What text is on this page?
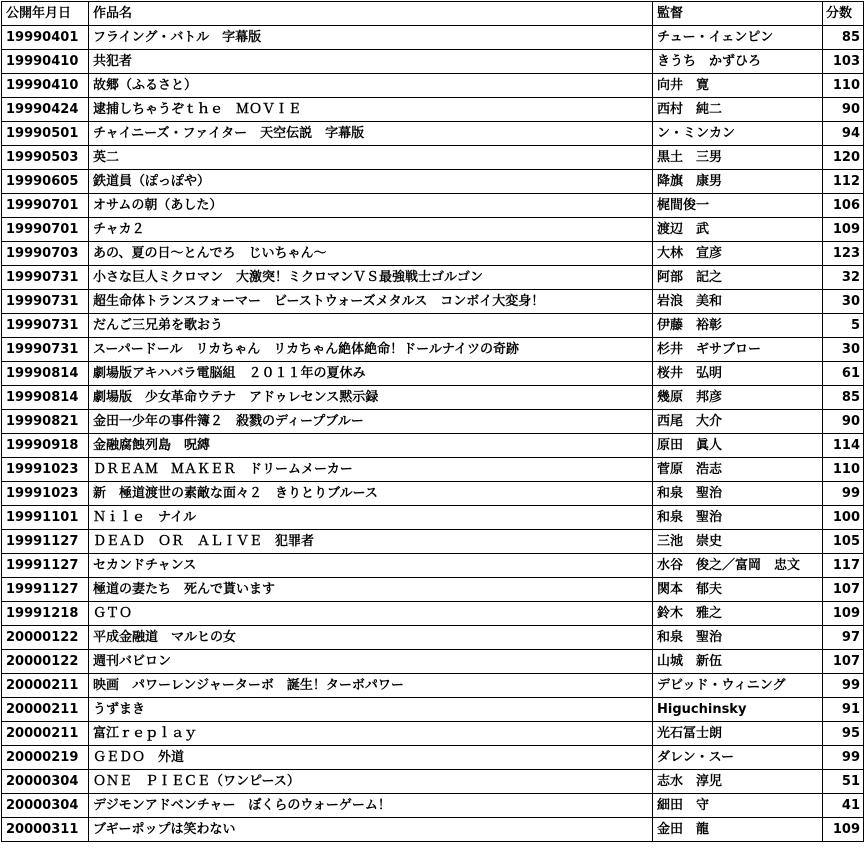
公開年月日	作品名	監督	分数
19990401	フライング・バトル　字幕版	チュー・イェンピン	85
19990410	共犯者	きうち　かずひろ	103
19990410	故郷（ふるさと）	向井　寛	110
19990424	逮捕しちゃうぞｔｈｅ　ＭＯＶＩＥ	西村　純二	90
19990501	チャイニーズ・ファイター　天空伝説　字幕版	ン・ミンカン	94
19990503	英二	黒土　三男	120
19990605	鉄道員（ぽっぽや）	降旗　康男	112
19990701	オサムの朝（あした）	梶間俊一	106
19990701	チャカ２	渡辺　武	109
19990703	あの、夏の日～とんでろ　じいちゃん～	大林　宣彦	123
19990731	小さな巨人ミクロマン　大激突！ミクロマンＶＳ最強戦士ゴルゴン	阿部　記之	32
19990731	超生命体トランスフォーマー　ビーストウォーズメタルス　コンボイ大変身！	岩浪　美和	30
19990731	だんご三兄弟を歌おう	伊藤　裕彰	5
19990731	スーパードール　リカちゃん　リカちゃん絶体絶命！ドールナイツの奇跡	杉井　ギサブロー	30
19990814	劇場版アキハバラ電脳組　２０１１年の夏休み	桜井　弘明	61
19990814	劇場版　少女革命ウテナ　アドゥレセンス黙示録	幾原　邦彦	85
19990821	金田一少年の事件簿２　殺戮のディープブルー	西尾　大介	90
19990918	金融腐蝕列島　呪縛	原田　眞人	114
19991023	ＤＲＥＡＭ　ＭＡＫＥＲ　ドリームメーカー	菅原　浩志	110
19991023	新　極道渡世の素敵な面々２　きりとりブルース	和泉　聖治	99
19991101	Ｎｉｌｅ　ナイル	和泉　聖治	100
19991127	ＤＥＡＤ　ＯＲ　ＡＬＩＶＥ　犯罪者	三池　崇史	105
19991127	セカンドチャンス	水谷　俊之／富岡　忠文	117
19991127	極道の妻たち　死んで貰います	関本　郁夫	107
19991218	ＧＴＯ	鈴木　雅之	109
20000122	平成金融道　マルヒの女	和泉　聖治	97
20000122	週刊バビロン	山城　新伍	107
20000211	映画　パワーレンジャーターボ　誕生！ターボパワー	デビッド・ウィニング	99
20000211	うずまき	Higuchinsky	91
20000211	富江ｒｅｐｌａｙ	光石冨士朗	95
20000219	ＧＥＤＯ　外道	ダレン・スー	99
20000304	ＯＮＥ　ＰＩＥＣＥ（ワンピース）	志水　淳児	51
20000304	デジモンアドベンチャー　ぼくらのウォーゲーム！	細田　守	41
20000311	ブギーポップは笑わない	金田　龍	109
